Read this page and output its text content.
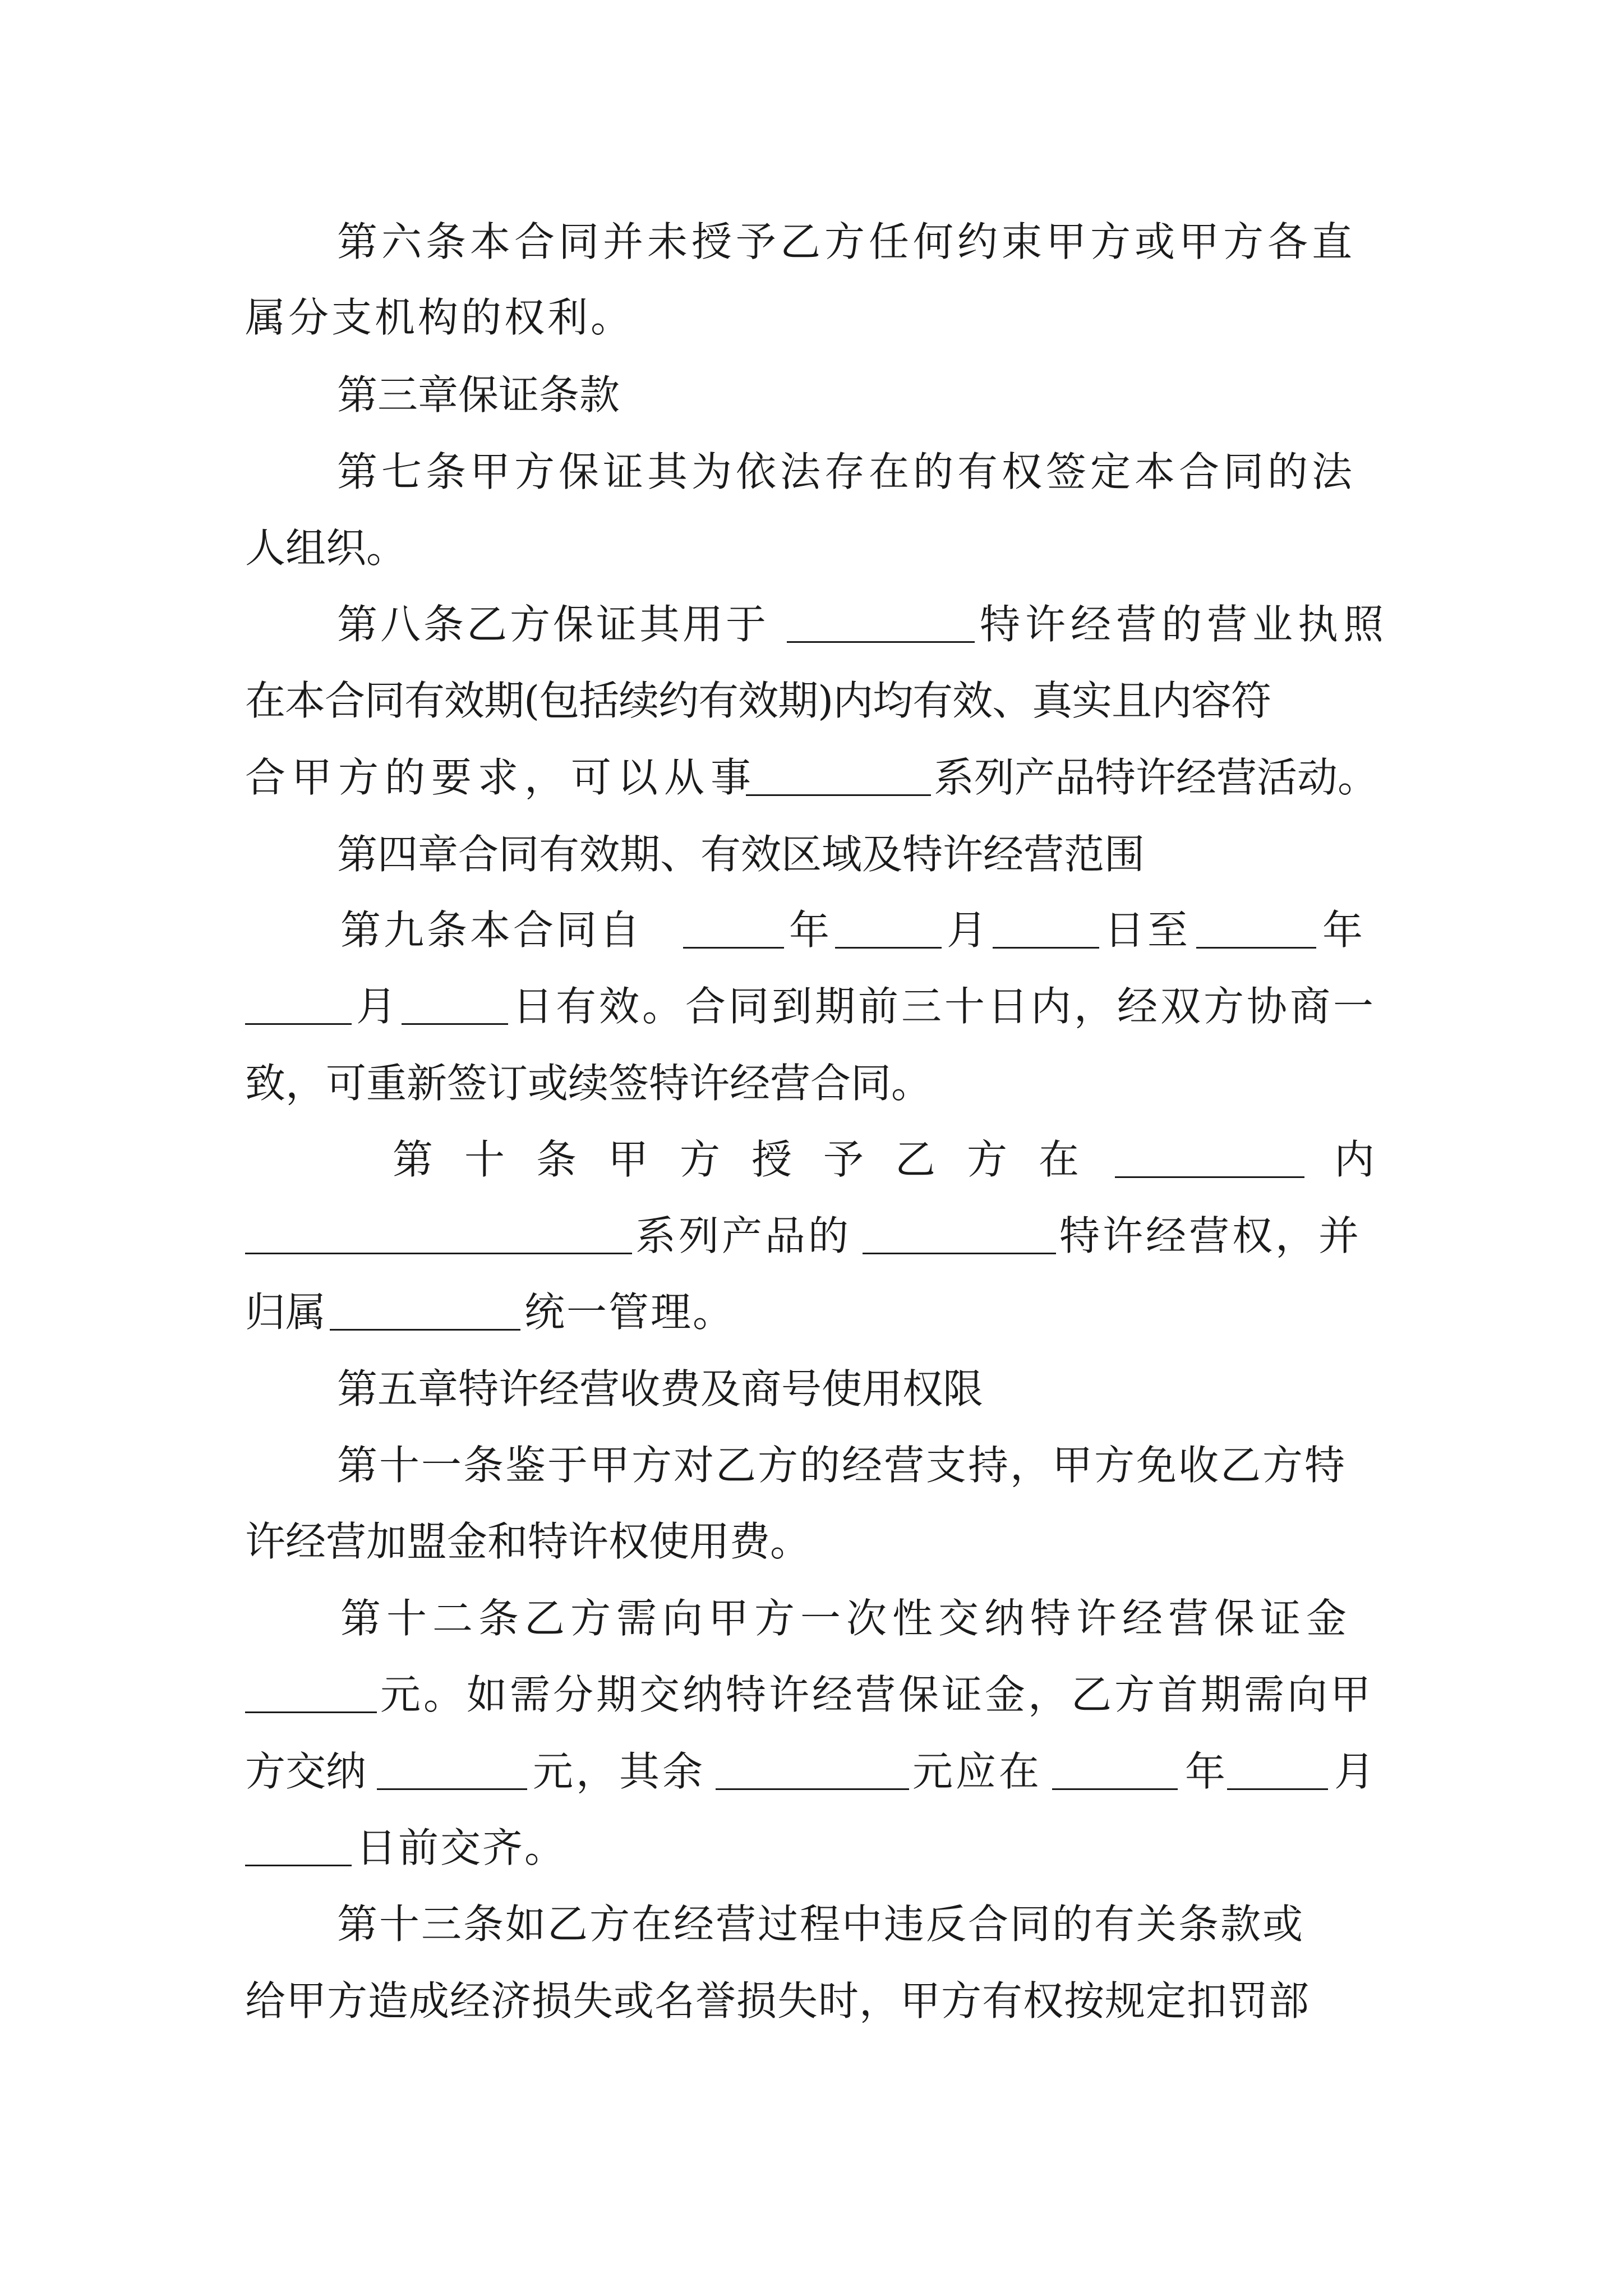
第六条本合同并未授予乙方任何约束甲方或甲方各直
属分支机构的权利。
第三章保证条款
第七条甲方保证其为依法存在的有权签定本合同的法
人组织。
第八条乙方保证其用于	特许经营的营业执照
在本合同有效期(包括续约有效期)内均有效、真实且内容符
合甲方的要求，可以从事	系列产品特许经营活动。
第四章合同有效期、有效区域及特许经营范围
第九条本合同自	年	月	日至	年
月	日有效。合同到期前三十日内，经双方协商一
致，可重新签订或续签特许经营合同。
第十条甲方授予乙方在	内
系列产品的	特许经营权，并
归属	统一管理。
第五章特许经营收费及商号使用权限
第十一条鉴于甲方对乙方的经营支持，甲方免收乙方特
许经营加盟金和特许权使用费。
第十二条乙方需向甲方一次性交纳特许经营保证金
元。如需分期交纳特许经营保证金，乙方首期需向甲
方交纳	元，其余	元应在	年	月
日前交齐。
第十三条如乙方在经营过程中违反合同的有关条款或
给甲方造成经济损失或名誉损失时，甲方有权按规定扣罚部
